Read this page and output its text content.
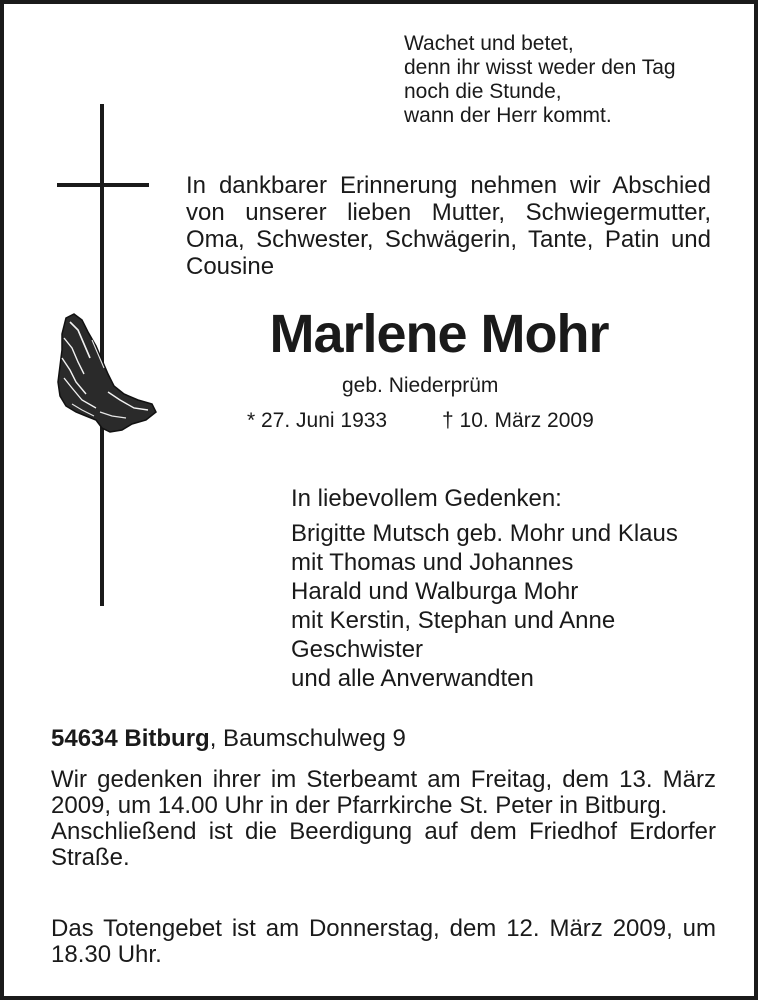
Wachet und betet,
denn ihr wisst weder den Tag
noch die Stunde,
wann der Herr kommt.
In dankbarer Erinnerung nehmen wir Abschied von unserer lieben Mutter, Schwiegermutter, Oma, Schwester, Schwägerin, Tante, Patin und Cousine
Marlene Mohr
geb. Niederprüm
* 27. Juni 1933	† 10. März 2009
In liebevollem Gedenken:
Brigitte Mutsch geb. Mohr und Klaus
mit Thomas und Johannes
Harald und Walburga Mohr
mit Kerstin, Stephan und Anne
Geschwister
und alle Anverwandten
54634 Bitburg, Baumschulweg 9

Wir gedenken ihrer im Sterbeamt am Freitag, dem 13. März 2009, um 14.00 Uhr in der Pfarrkirche St. Peter in Bitburg.

Anschließend ist die Beerdigung auf dem Friedhof Erdorfer Straße.

Das Totengebet ist am Donnerstag, dem 12. März 2009, um 18.30 Uhr.
